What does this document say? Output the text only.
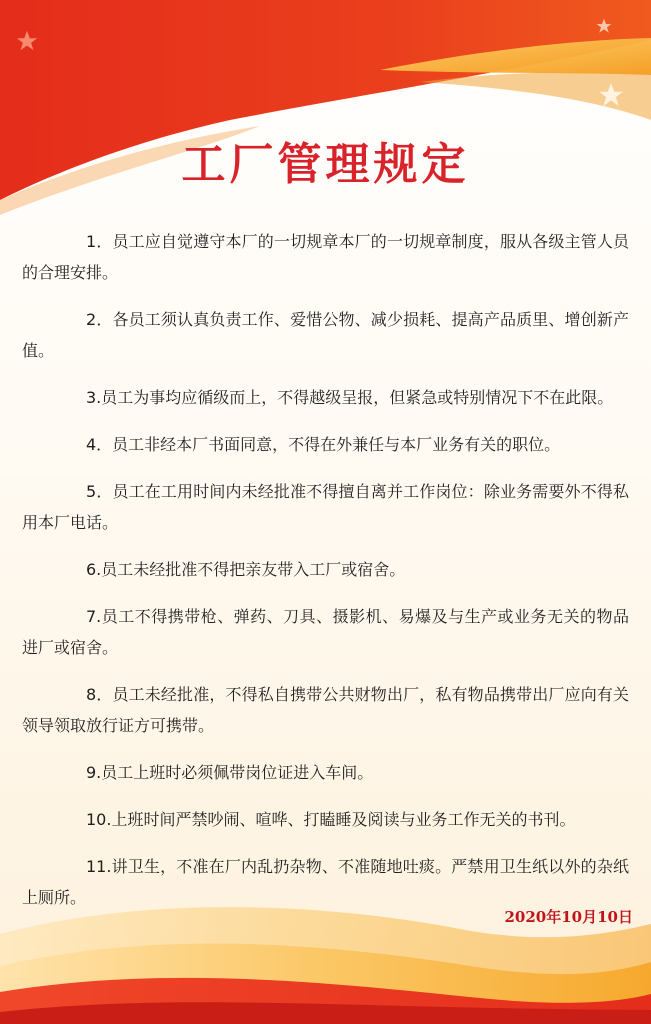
工厂管理规定
1．员工应自觉遵守本厂的一切规章本厂的一切规章制度，服从各级主管人员的合理安排。
2．各员工须认真负责工作、爱惜公物、减少损耗、提高产品质里、增创新产值。
3.员工为事均应循级而上，不得越级呈报，但紧急或特别情况下不在此限。
4．员工非经本厂书面同意，不得在外兼任与本厂业务有关的职位。
5．员工在工用时间内未经批准不得擅自离并工作岗位：除业务需要外不得私用本厂电话。
6.员工未经批准不得把亲友带入工厂或宿舍。
7.员工不得携带枪、弹药、刀具、摄影机、易爆及与生产或业务无关的物品进厂或宿舍。
8．员工未经批准，不得私自携带公共财物出厂，私有物品携带出厂应向有关领导领取放行证方可携带。
9.员工上班时必须佩带岗位证进入车间。
10.上班时间严禁吵闹、喧哗、打瞌睡及阅读与业务工作无关的书刊。
11.讲卫生，不准在厂内乱扔杂物、不准随地吐痰。严禁用卫生纸以外的杂纸上厕所。

2020年10月10日
